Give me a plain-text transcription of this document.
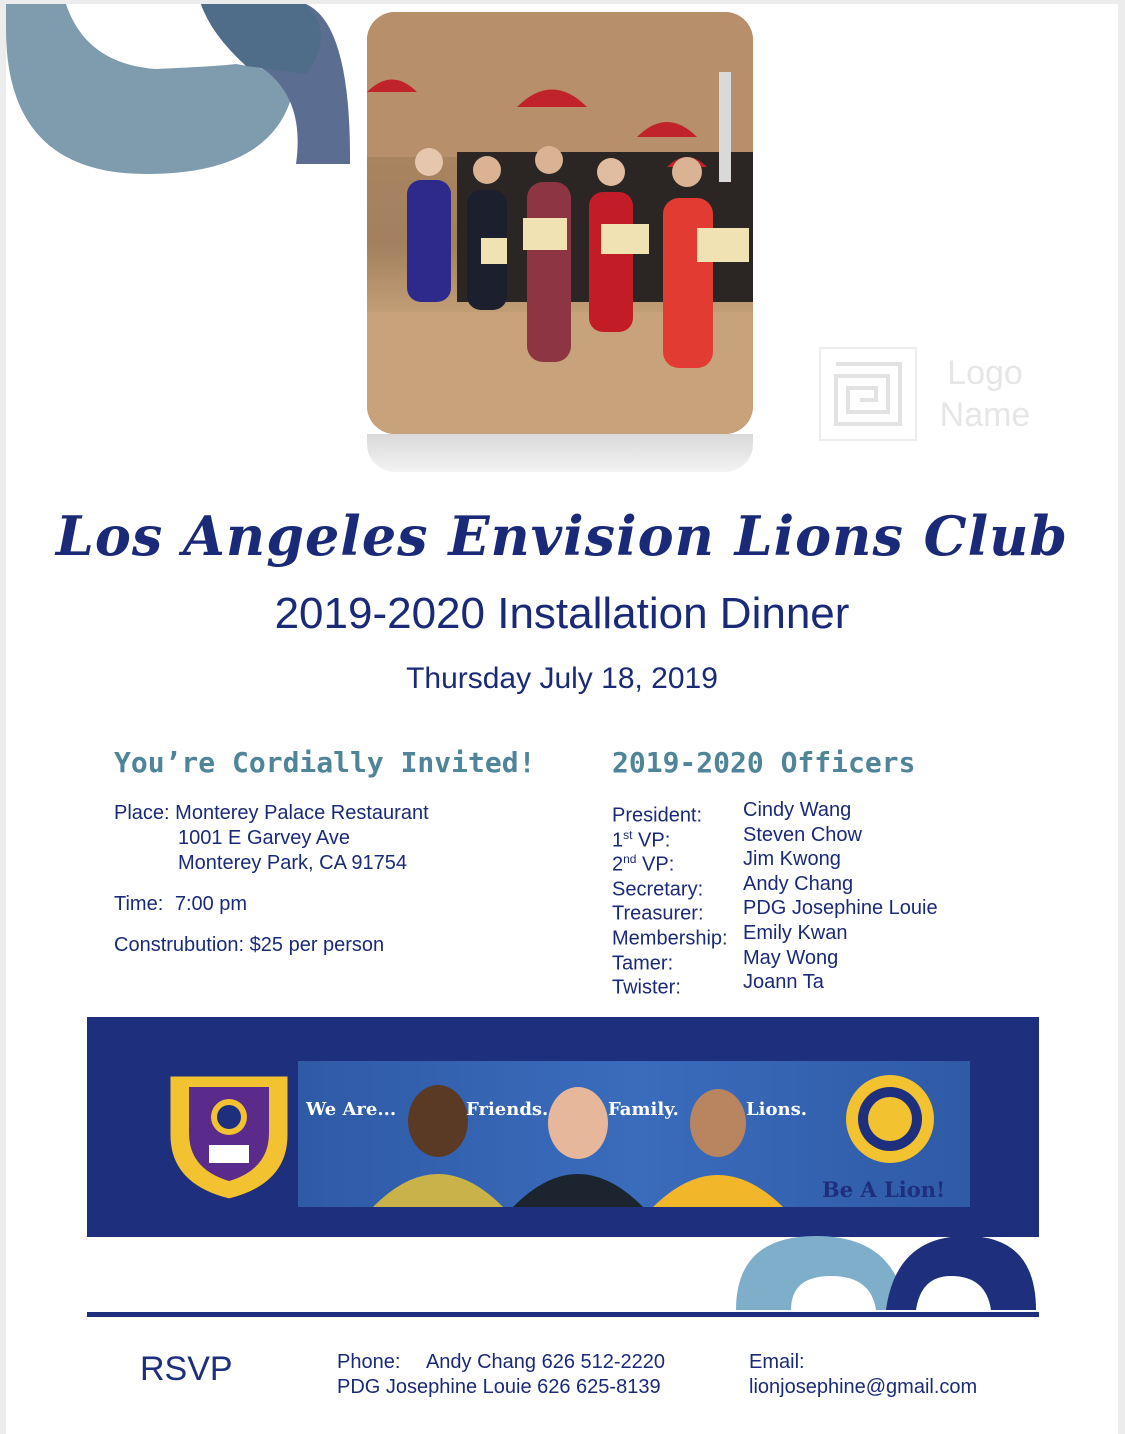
Logo
Name
Los Angeles Envision Lions Club
2019-2020 Installation Dinner
Thursday July 18, 2019
You’re Cordially Invited!
Place: Monterey Palace Restaurant
1001 E Garvey Ave
Monterey Park, CA 91754
Time: 7:00 pm
Construbution: $25 per person
2019-2020 Officers
President:	Cindy Wang
1st VP:	Steven Chow
2nd VP:	Jim Kwong
Secretary:	Andy Chang
Treasurer:	PDG Josephine Louie
Membership: Emily Kwan
Tamer:	May Wong
Twister:	Joann Ta
We Are...	Friends.	Family.	Lions.
Be A Lion!
RSVP	Phone: Andy Chang 626 512-2220
PDG Josephine Louie 626 625-8139
Email:
lionjosephine@gmail.com
